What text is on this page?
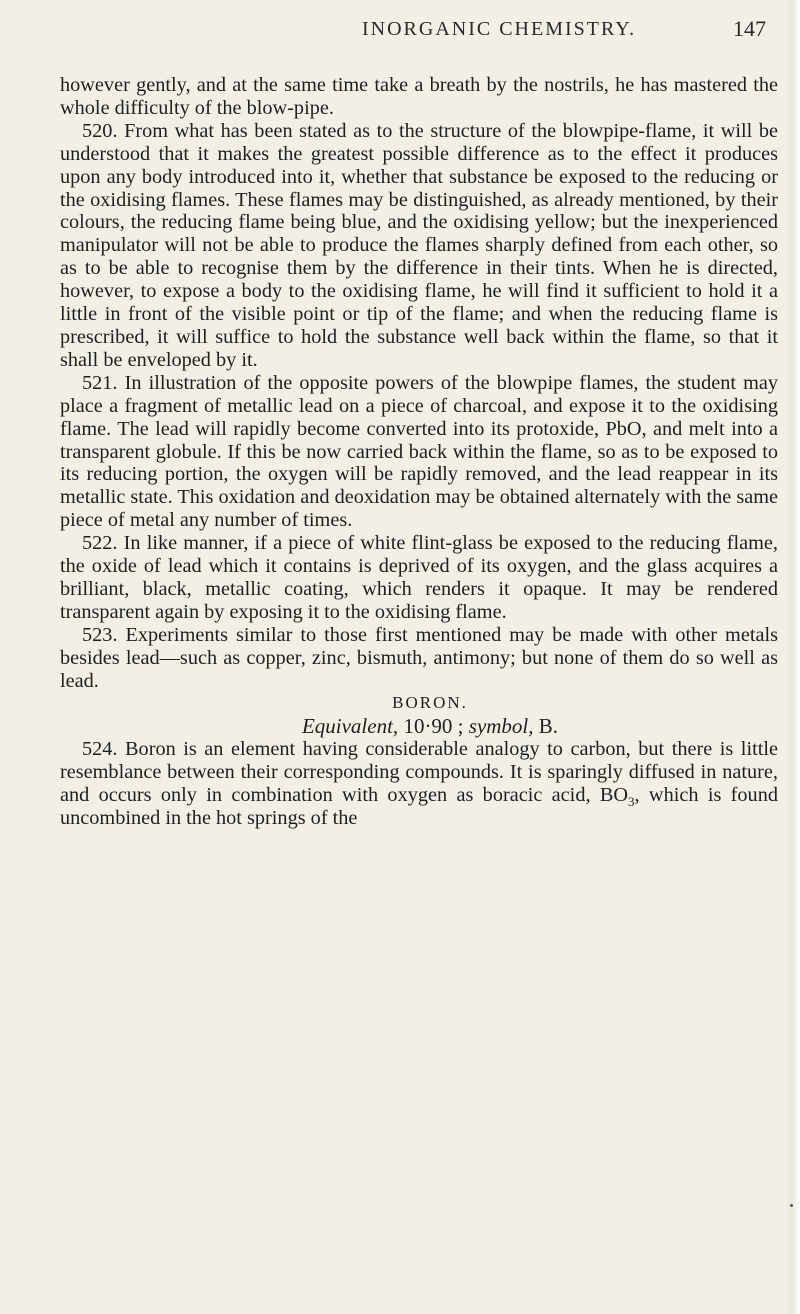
INORGANIC CHEMISTRY.	147

however gently, and at the same time take a breath by the nostrils, he has mastered the whole difficulty of the blow-pipe.

520. From what has been stated as to the structure of the blowpipe-flame, it will be understood that it makes the greatest possible difference as to the effect it produces upon any body introduced into it, whether that substance be exposed to the reducing or the oxidising flames. These flames may be distinguished, as already mentioned, by their colours, the reducing flame being blue, and the oxidising yellow; but the inexperienced manipulator will not be able to produce the flames sharply defined from each other, so as to be able to recognise them by the difference in their tints. When he is directed, however, to expose a body to the oxidising flame, he will find it sufficient to hold it a little in front of the visible point or tip of the flame; and when the reducing flame is prescribed, it will suffice to hold the substance well back within the flame, so that it shall be enveloped by it.

521. In illustration of the opposite powers of the blowpipe flames, the student may place a fragment of metallic lead on a piece of charcoal, and expose it to the oxidising flame. The lead will rapidly become converted into its protoxide, PbO, and melt into a transparent globule. If this be now carried back within the flame, so as to be exposed to its reducing portion, the oxygen will be rapidly removed, and the lead reappear in its metallic state. This oxidation and deoxidation may be obtained alternately with the same piece of metal any number of times.

522. In like manner, if a piece of white flint-glass be exposed to the reducing flame, the oxide of lead which it contains is deprived of its oxygen, and the glass acquires a brilliant, black, metallic coating, which renders it opaque. It may be rendered transparent again by exposing it to the oxidising flame.

523. Experiments similar to those first mentioned may be made with other metals besides lead—such as copper, zinc, bismuth, antimony; but none of them do so well as lead.

BORON.

Equivalent, 10·90 ; symbol, B.

524. Boron is an element having considerable analogy to carbon, but there is little resemblance between their corresponding compounds. It is sparingly diffused in nature, and occurs only in combination with oxygen as boracic acid, $BO_3$, which is found uncombined in the hot springs of the
